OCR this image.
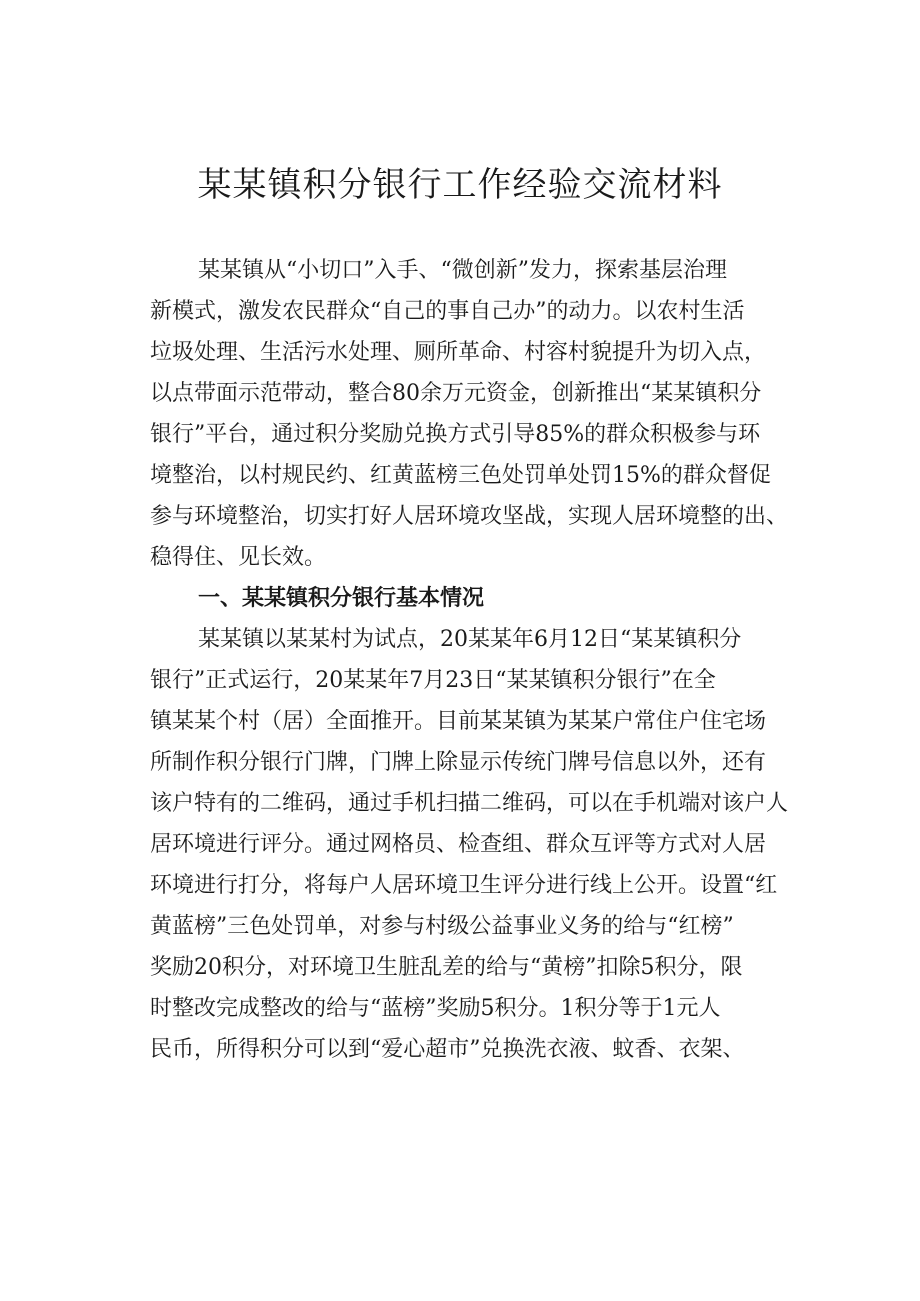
某某镇积分银行工作经验交流材料
某某镇从“小切口”入手、“微创新”发力，探索基层治理
新模式，激发农民群众“自己的事自己办”的动力。以农村生活
垃圾处理、生活污水处理、厕所革命、村容村貌提升为切入点，
以点带面示范带动，整合80余万元资金，创新推出“某某镇积分
银行”平台，通过积分奖励兑换方式引导85%的群众积极参与环
境整治，以村规民约、红黄蓝榜三色处罚单处罚15%的群众督促
参与环境整治，切实打好人居环境攻坚战，实现人居环境整的出、
稳得住、见长效。
一、某某镇积分银行基本情况
某某镇以某某村为试点，20某某年6月12日“某某镇积分
银行”正式运行，20某某年7月23日“某某镇积分银行”在全
镇某某个村（居）全面推开。目前某某镇为某某户常住户住宅场
所制作积分银行门牌，门牌上除显示传统门牌号信息以外，还有
该户特有的二维码，通过手机扫描二维码，可以在手机端对该户人
居环境进行评分。通过网格员、检查组、群众互评等方式对人居
环境进行打分，将每户人居环境卫生评分进行线上公开。设置“红
黄蓝榜”三色处罚单，对参与村级公益事业义务的给与“红榜”
奖励20积分，对环境卫生脏乱差的给与“黄榜”扣除5积分，限
时整改完成整改的给与“蓝榜”奖励5积分。1积分等于1元人
民币，所得积分可以到“爱心超市”兑换洗衣液、蚊香、衣架、
